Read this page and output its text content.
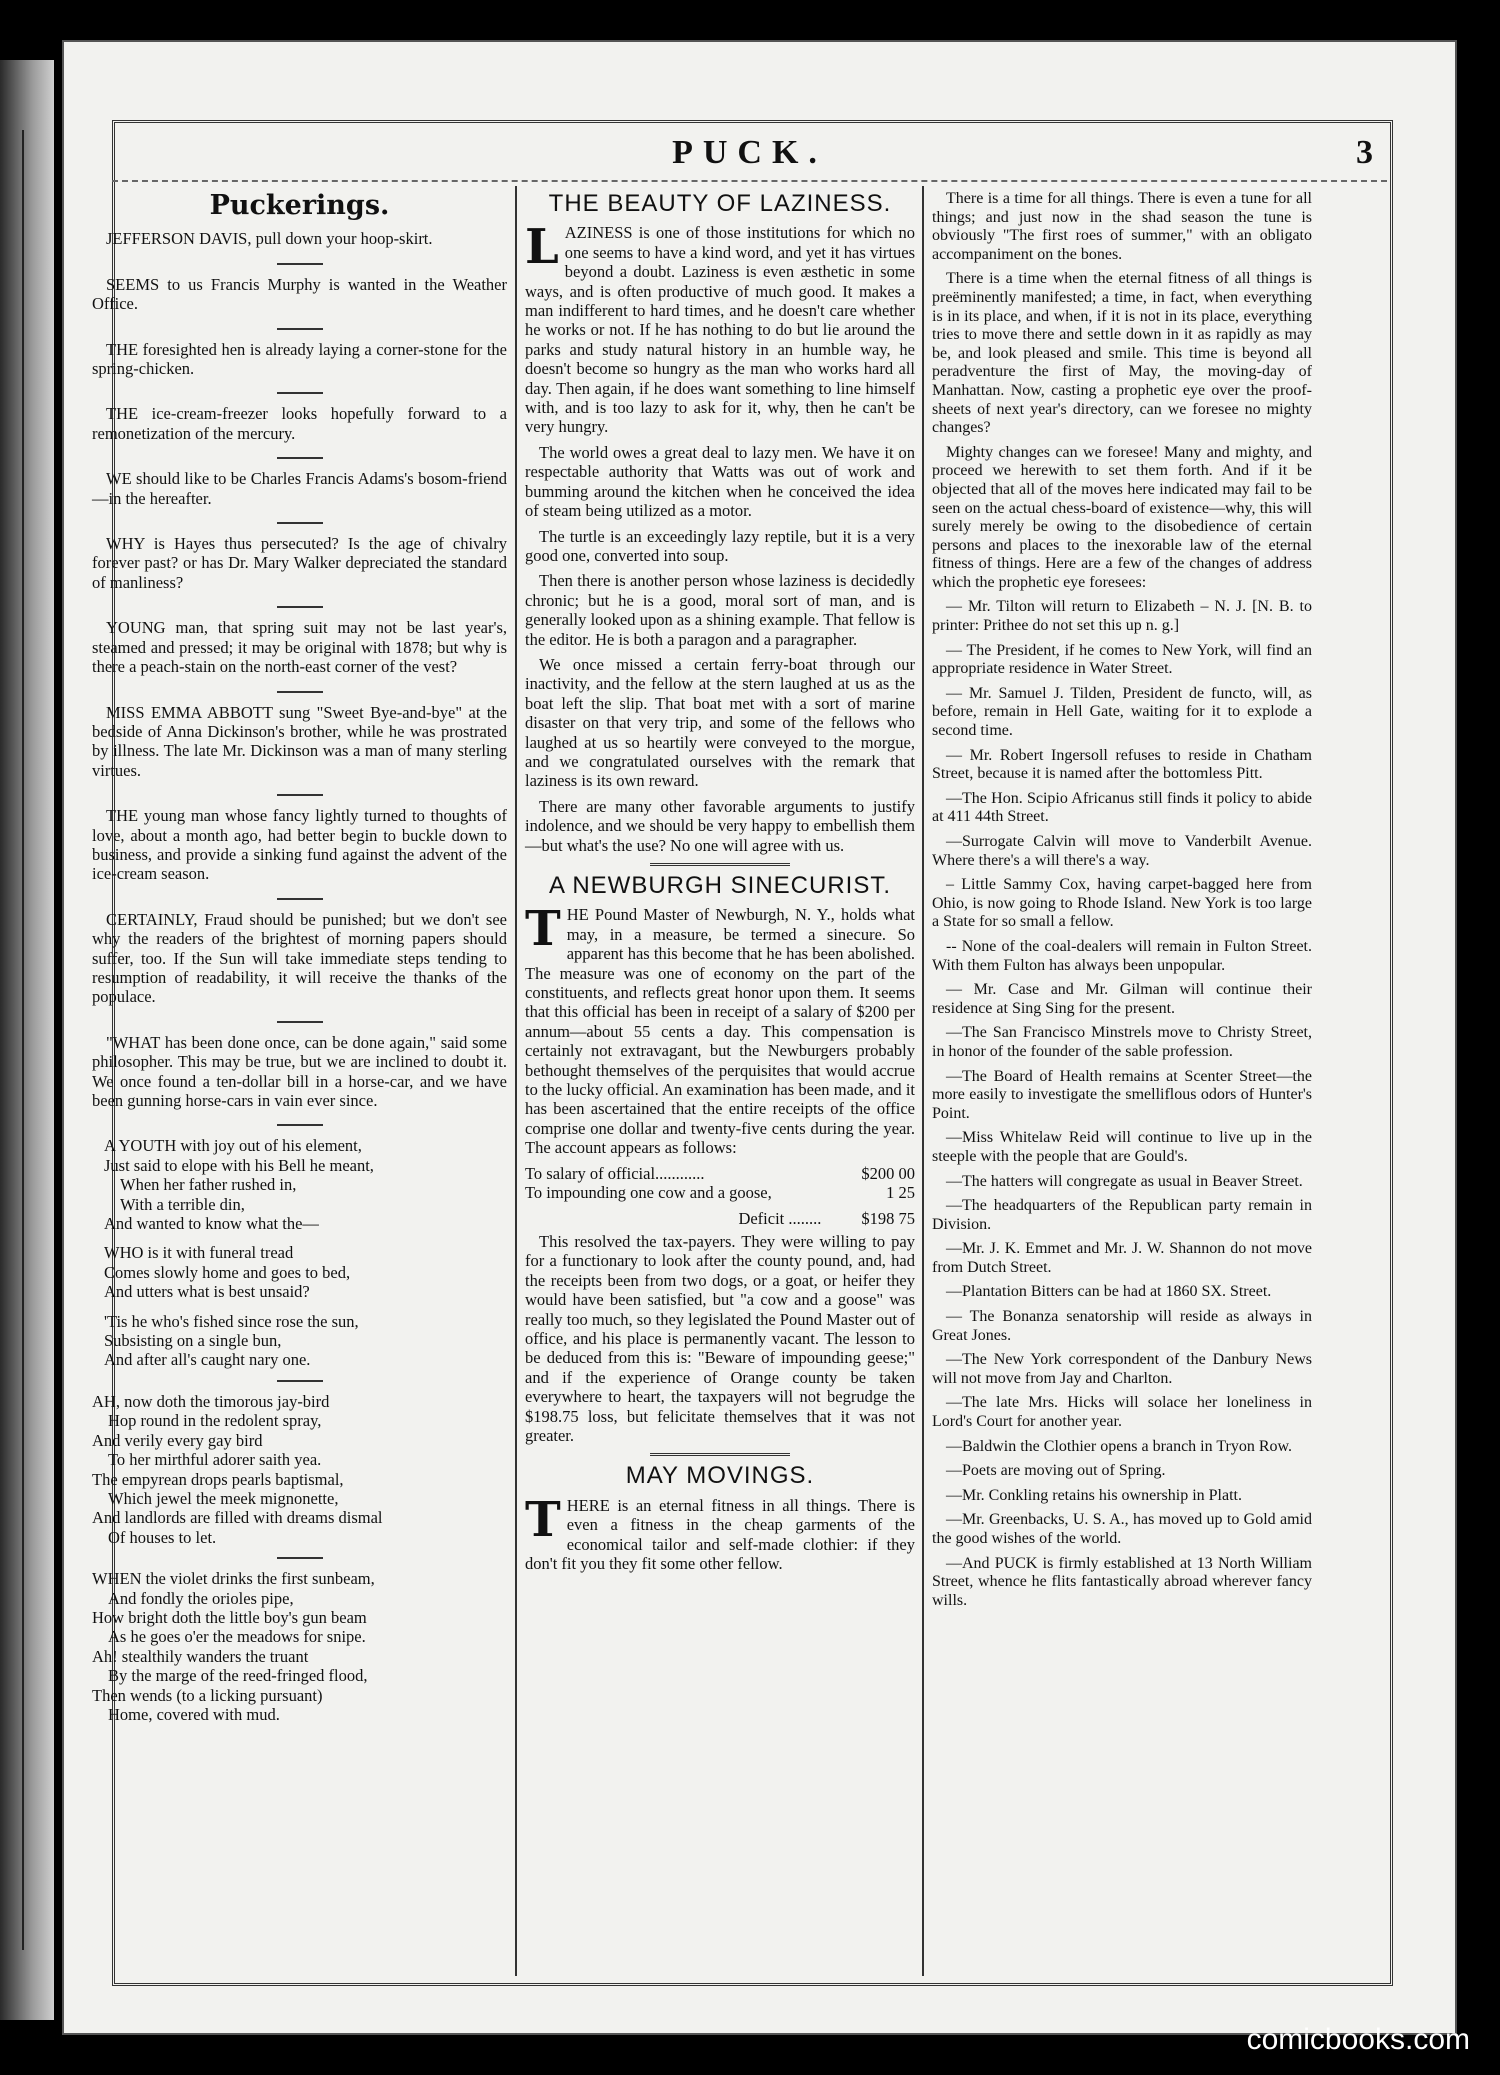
PUCK.	3
Puckerings.
JEFFERSON DAVIS, pull down your hoop-skirt.
SEEMS to us Francis Murphy is wanted in the Weather Office.
THE foresighted hen is already laying a corner-stone for the spring-chicken.
THE ice-cream-freezer looks hopefully forward to a remonetization of the mercury.
WE should like to be Charles Francis Adams's bosom-friend—in the hereafter.
WHY is Hayes thus persecuted? Is the age of chivalry forever past? or has Dr. Mary Walker depreciated the standard of manliness?
YOUNG man, that spring suit may not be last year's, steamed and pressed; it may be original with 1878; but why is there a peach-stain on the north-east corner of the vest?
MISS EMMA ABBOTT sung "Sweet Bye-and-bye" at the bedside of Anna Dickinson's brother, while he was prostrated by illness. The late Mr. Dickinson was a man of many sterling virtues.
THE young man whose fancy lightly turned to thoughts of love, about a month ago, had better begin to buckle down to business, and provide a sinking fund against the advent of the ice-cream season.
CERTAINLY, Fraud should be punished; but we don't see why the readers of the brightest of morning papers should suffer, too. If the Sun will take immediate steps tending to resumption of readability, it will receive the thanks of the populace.
"WHAT has been done once, can be done again," said some philosopher. This may be true, but we are inclined to doubt it. We once found a ten-dollar bill in a horse-car, and we have been gunning horse-cars in vain ever since.
A YOUTH with joy out of his element,
Just said to elope with his Bell he meant,
When her father rushed in,
With a terrible din,
And wanted to know what the—
WHO is it with funeral tread
Comes slowly home and goes to bed,
And utters what is best unsaid?
'Tis he who's fished since rose the sun,
Subsisting on a single bun,
And after all's caught nary one.
AH, now doth the timorous jay-bird
Hop round in the redolent spray,
And verily every gay bird
To her mirthful adorer saith yea.
The empyrean drops pearls baptismal,
Which jewel the meek mignonette,
And landlords are filled with dreams dismal
Of houses to let.
WHEN the violet drinks the first sunbeam,
And fondly the orioles pipe,
How bright doth the little boy's gun beam
As he goes o'er the meadows for snipe.
Ah! stealthily wanders the truant
By the marge of the reed-fringed flood,
Then wends (to a licking pursuant)
Home, covered with mud.
THE BEAUTY OF LAZINESS.

LAZINESS is one of those institutions for which no one seems to have a kind word, and yet it has virtues beyond a doubt. Laziness is even æsthetic in some ways, and is often productive of much good. It makes a man indifferent to hard times, and he doesn't care whether he works or not. If he has nothing to do but lie around the parks and study natural history in an humble way, he doesn't become so hungry as the man who works hard all day. Then again, if he does want something to line himself with, and is too lazy to ask for it, why, then he can't be very hungry.

The world owes a great deal to lazy men. We have it on respectable authority that Watts was out of work and bumming around the kitchen when he conceived the idea of steam being utilized as a motor.

The turtle is an exceedingly lazy reptile, but it is a very good one, converted into soup.

Then there is another person whose laziness is decidedly chronic; but he is a good, moral sort of man, and is generally looked upon as a shining example. That fellow is the editor. He is both a paragon and a paragrapher.

We once missed a certain ferry-boat through our inactivity, and the fellow at the stern laughed at us as the boat left the slip. That boat met with a sort of marine disaster on that very trip, and some of the fellows who laughed at us so heartily were conveyed to the morgue, and we congratulated ourselves with the remark that laziness is its own reward.

There are many other favorable arguments to justify indolence, and we should be very happy to embellish them—but what's the use? No one will agree with us.

A NEWBURGH SINECURIST.

THE Pound Master of Newburgh, N. Y., holds what may, in a measure, be termed a sinecure. So apparent has this become that he has been abolished. The measure was one of economy on the part of the constituents, and reflects great honor upon them. It seems that this official has been in receipt of a salary of $200 per annum—about 55 cents a day. This compensation is certainly not extravagant, but the Newburgers probably bethought themselves of the perquisites that would accrue to the lucky official. An examination has been made, and it has been ascertained that the entire receipts of the office comprise one dollar and twenty-five cents during the year. The account appears as follows:

To salary of official............	$200 00
To impounding one cow and a goose,	1 25
Deficit ........ $198 75

This resolved the tax-payers. They were willing to pay for a functionary to look after the county pound, and, had the receipts been from two dogs, or a goat, or heifer they would have been satisfied, but "a cow and a goose" was really too much, so they legislated the Pound Master out of office, and his place is permanently vacant. The lesson to be deduced from this is: "Beware of impounding geese;" and if the experience of Orange county be taken everywhere to heart, the taxpayers will not begrudge the $198.75 loss, but felicitate themselves that it was not greater.

MAY MOVINGS.

THERE is an eternal fitness in all things. There is even a fitness in the cheap garments of the economical tailor and self-made clothier: if they don't fit you they fit some other fellow.

There is a time for all things. There is even a tune for all things; and just now in the shad season the tune is obviously "The first roes of summer," with an obligato accompaniment on the bones.

There is a time when the eternal fitness of all things is preëminently manifested; a time, in fact, when everything is in its place, and when, if it is not in its place, everything tries to move there and settle down in it as rapidly as may be, and look pleased and smile. This time is beyond all peradventure the first of May, the moving-day of Manhattan. Now, casting a prophetic eye over the proof-sheets of next year's directory, can we foresee no mighty changes?

Mighty changes can we foresee! Many and mighty, and proceed we herewith to set them forth. And if it be objected that all of the moves here indicated may fail to be seen on the actual chess-board of existence—why, this will surely merely be owing to the disobedience of certain persons and places to the inexorable law of the eternal fitness of things. Here are a few of the changes of address which the prophetic eye foresees:

— Mr. Tilton will return to Elizabeth – N. J. [N. B. to printer: Prithee do not set this up n. g.]

— The President, if he comes to New York, will find an appropriate residence in Water Street.

— Mr. Samuel J. Tilden, President de functo, will, as before, remain in Hell Gate, waiting for it to explode a second time.

— Mr. Robert Ingersoll refuses to reside in Chatham Street, because it is named after the bottomless Pitt.

—The Hon. Scipio Africanus still finds it policy to abide at 411 44th Street.

—Surrogate Calvin will move to Vanderbilt Avenue. Where there's a will there's a way.

– Little Sammy Cox, having carpet-bagged here from Ohio, is now going to Rhode Island. New York is too large a State for so small a fellow.

-- None of the coal-dealers will remain in Fulton Street. With them Fulton has always been unpopular.

— Mr. Case and Mr. Gilman will continue their residence at Sing Sing for the present.

—The San Francisco Minstrels move to Christy Street, in honor of the founder of the sable profession.

—The Board of Health remains at Scenter Street—the more easily to investigate the smelliflous odors of Hunter's Point.

—Miss Whitelaw Reid will continue to live up in the steeple with the people that are Gould's.

—The hatters will congregate as usual in Beaver Street.

—The headquarters of the Republican party remain in Division.

—Mr. J. K. Emmet and Mr. J. W. Shannon do not move from Dutch Street.

—Plantation Bitters can be had at 1860 SX. Street.

— The Bonanza senatorship will reside as always in Great Jones.

—The New York correspondent of the Danbury News will not move from Jay and Charlton.

—The late Mrs. Hicks will solace her loneliness in Lord's Court for another year.

—Baldwin the Clothier opens a branch in Tryon Row.

—Poets are moving out of Spring.

—Mr. Conkling retains his ownership in Platt.

—Mr. Greenbacks, U. S. A., has moved up to Gold amid the good wishes of the world.

—And PUCK is firmly established at 13 North William Street, whence he flits fantastically abroad wherever fancy wills.

comicbooks.com
